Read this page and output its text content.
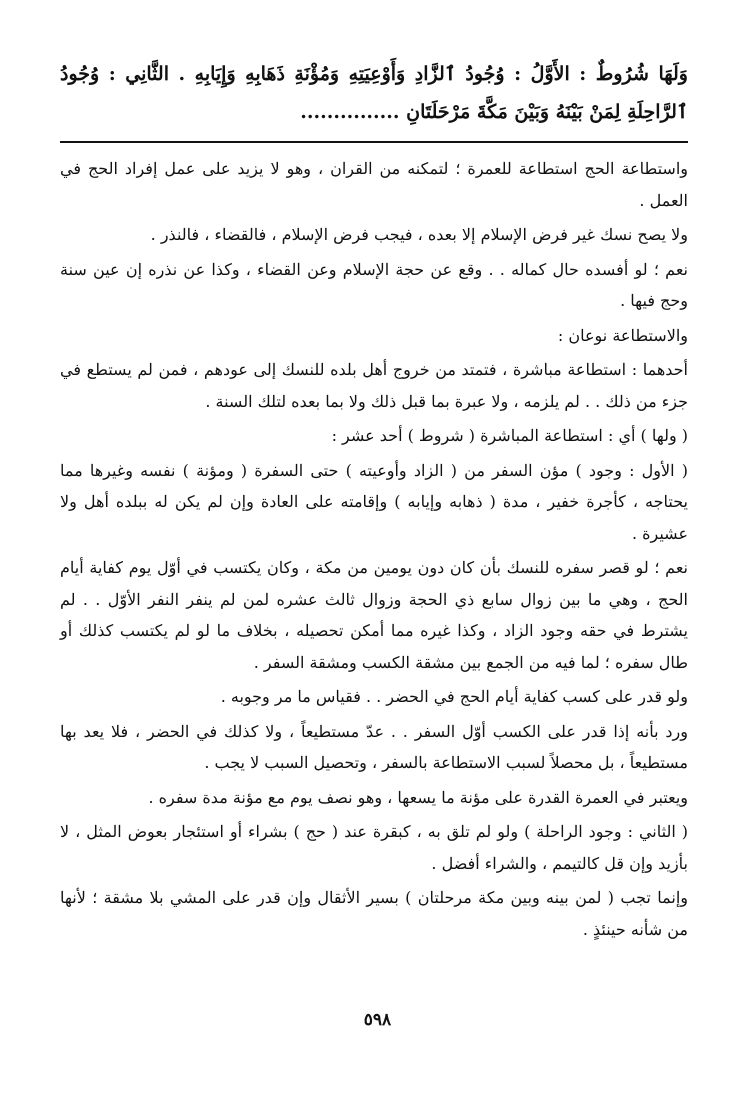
وَلَهَا شُرُوطٌ : الأَوَّلُ : وُجُودُ ٱلزَّادِ وَأَوْعِيَتِهِ وَمُؤْنَةِ ذَهَابِهِ وَإِيَابِهِ . الثَّانِي : وُجُودُ ٱلرَّاحِلَةِ لِمَنْ بَيْنَهُ وَبَيْنَ مَكَّةَ مَرْحَلَتَانِ ...............

واستطاعة الحج استطاعة للعمرة ؛ لتمكنه من القران ، وهو لا يزيد على عمل إفراد الحج في العمل .

ولا يصح نسك غير فرض الإسلام إلا بعده ، فيجب فرض الإسلام ، فالقضاء ، فالنذر .

نعم ؛ لو أفسده حال كماله . . وقع عن حجة الإسلام وعن القضاء ، وكذا عن نذره إن عين سنة وحج فيها .

والاستطاعة نوعان :

أحدهما : استطاعة مباشرة ، فتمتد من خروج أهل بلده للنسك إلى عودهم ، فمن لم يستطع في جزء من ذلك . . لم يلزمه ، ولا عبرة بما قبل ذلك ولا بما بعده لتلك السنة .

( ولها ) أي : استطاعة المباشرة ( شروط ) أحد عشر :

( الأول : وجود ) مؤن السفر من ( الزاد وأوعيته ) حتى السفرة ( ومؤنة ) نفسه وغيرها مما يحتاجه ، كأجرة خفير ، مدة ( ذهابه وإيابه ) وإقامته على العادة وإن لم يكن له ببلده أهل ولا عشيرة .

نعم ؛ لو قصر سفره للنسك بأن كان دون يومين من مكة ، وكان يكتسب في أوّل يوم كفاية أيام الحج ، وهي ما بين زوال سابع ذي الحجة وزوال ثالث عشره لمن لم ينفر النفر الأوّل . . لم يشترط في حقه وجود الزاد ، وكذا غيره مما أمكن تحصيله ، بخلاف ما لو لم يكتسب كذلك أو طال سفره ؛ لما فيه من الجمع بين مشقة الكسب ومشقة السفر .

ولو قدر على كسب كفاية أيام الحج في الحضر . . فقياس ما مر وجوبه .

ورد بأنه إذا قدر على الكسب أوّل السفر . . عدّ مستطيعاً ، ولا كذلك في الحضر ، فلا يعد بها مستطيعاً ، بل محصلاً لسبب الاستطاعة بالسفر ، وتحصيل السبب لا يجب .

ويعتبر في العمرة القدرة على مؤنة ما يسعها ، وهو نصف يوم مع مؤنة مدة سفره .

( الثاني : وجود الراحلة ) ولو لم تلق به ، كبقرة عند ( حج ) بشراء أو استئجار بعوض المثل ، لا بأزيد وإن قل كالتيمم ، والشراء أفضل .

وإنما تجب ( لمن بينه وبين مكة مرحلتان ) بسير الأثقال وإن قدر على المشي بلا مشقة ؛ لأنها من شأنه حينئذٍ .

٥٩٨
